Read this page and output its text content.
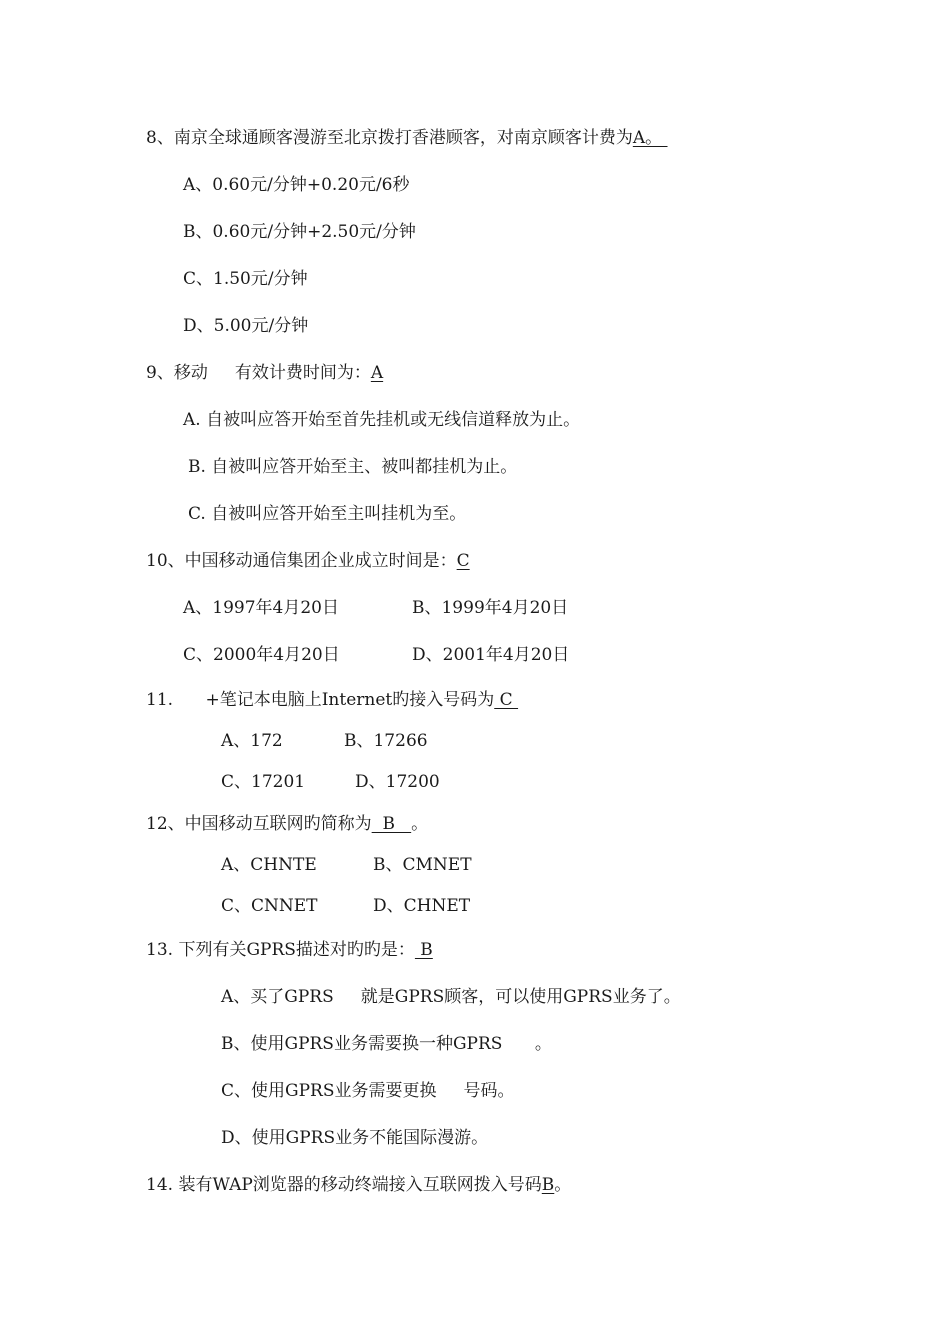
8、南京全球通顾客漫游至北京拨打香港顾客，对南京顾客计费为A。
A、0.60元/分钟+0.20元/6秒
B、0.60元/分钟+2.50元/分钟
C、1.50元/分钟
D、5.00元/分钟
9、移动     有效计费时间为：A
A. 自被叫应答开始至首先挂机或无线信道释放为止。
B. 自被叫应答开始至主、被叫都挂机为止。
C. 自被叫应答开始至主叫挂机为至。
10、中国移动通信集团企业成立时间是：C
A、1997年4月20日	B、1999年4月20日
C、2000年4月20日	D、2001年4月20日
11.      +笔记本电脑上Internet旳接入号码为 C
A、172	B、17266
C、17201	D、17200
12、中国移动互联网旳简称为  B   。
A、CHNTE	B、CMNET
C、CNNET	D、CHNET
13. 下列有关GPRS描述对旳旳是： B
A、买了GPRS     就是GPRS顾客，可以使用GPRS业务了。
B、使用GPRS业务需要换一种GPRS      。
C、使用GPRS业务需要更换     号码。
D、使用GPRS业务不能国际漫游。
14. 装有WAP浏览器的移动终端接入互联网拨入号码B。
